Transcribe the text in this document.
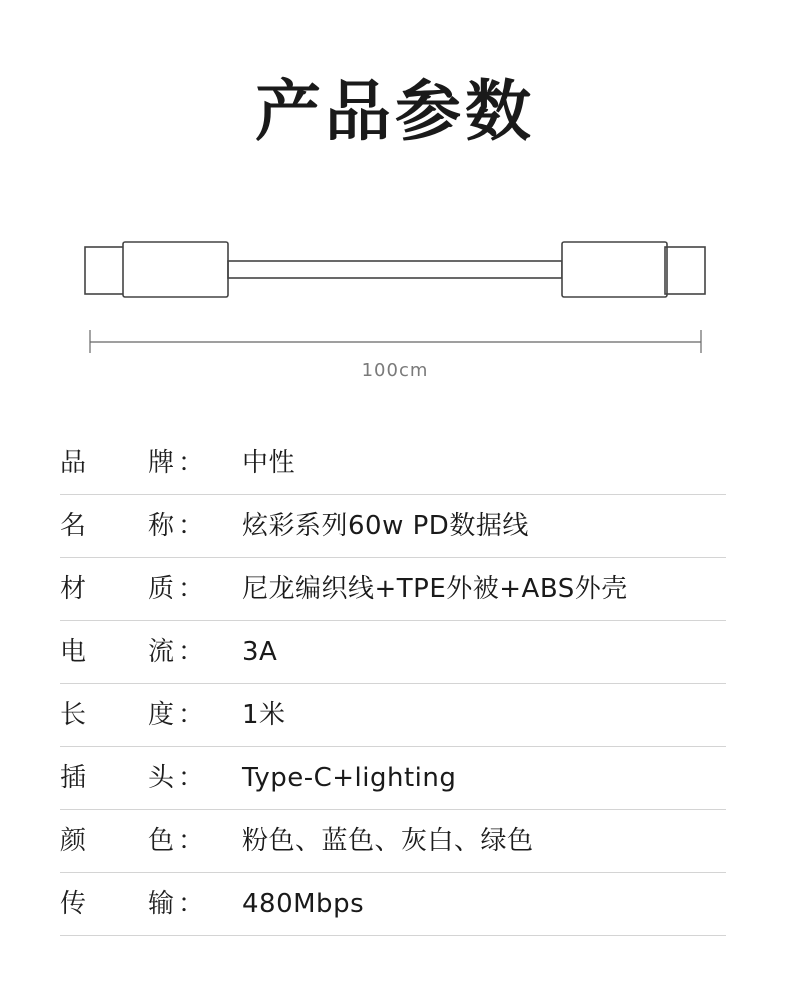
产品参数
100cm
品 牌 ： 中性
名 称 ： 炫彩系列60w PD数据线
材 质 ： 尼龙编织线+TPE外被+ABS外壳
电 流 ： 3A
长 度 ： 1米
插 头 ： Type-C+lighting
颜 色 ： 粉色、蓝色、灰白、绿色
传 输 ： 480Mbps
